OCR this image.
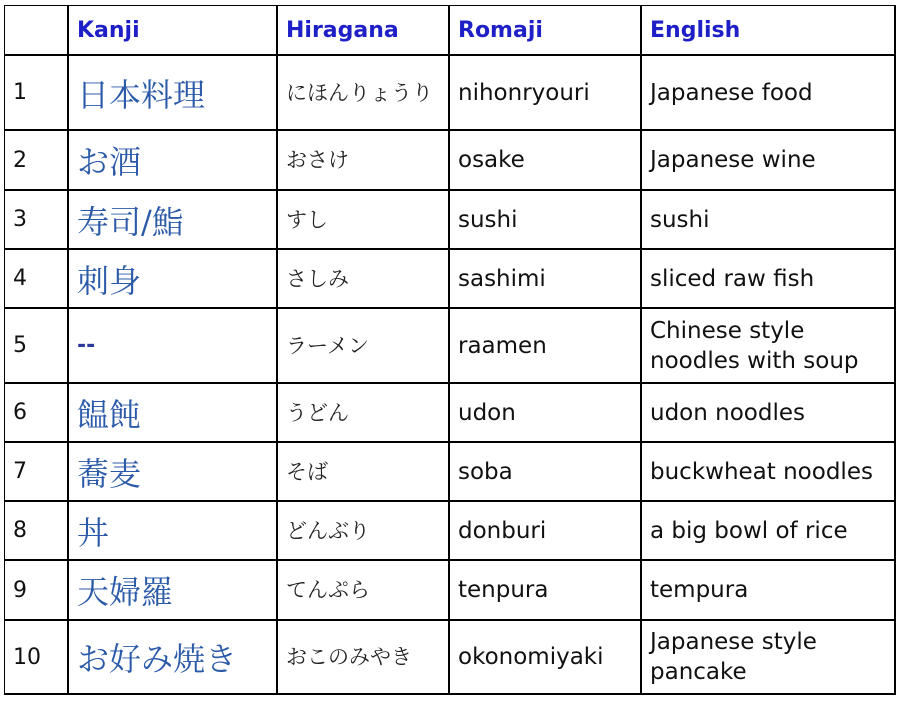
	Kanji	Hiragana	Romaji	English
1	日本料理	にほんりょうり	nihonryouri	Japanese food
2	お酒	おさけ	osake	Japanese wine
3	寿司/鮨	すし	sushi	sushi
4	刺身	さしみ	sashimi	sliced raw fish
5	--	ラーメン	raamen	Chinese style noodles with soup
6	饂飩	うどん	udon	udon noodles
7	蕎麦	そば	soba	buckwheat noodles
8	丼	どんぶり	donburi	a big bowl of rice
9	天婦羅	てんぷら	tenpura	tempura
10	お好み焼き	おこのみやき	okonomiyaki	Japanese style pancake
